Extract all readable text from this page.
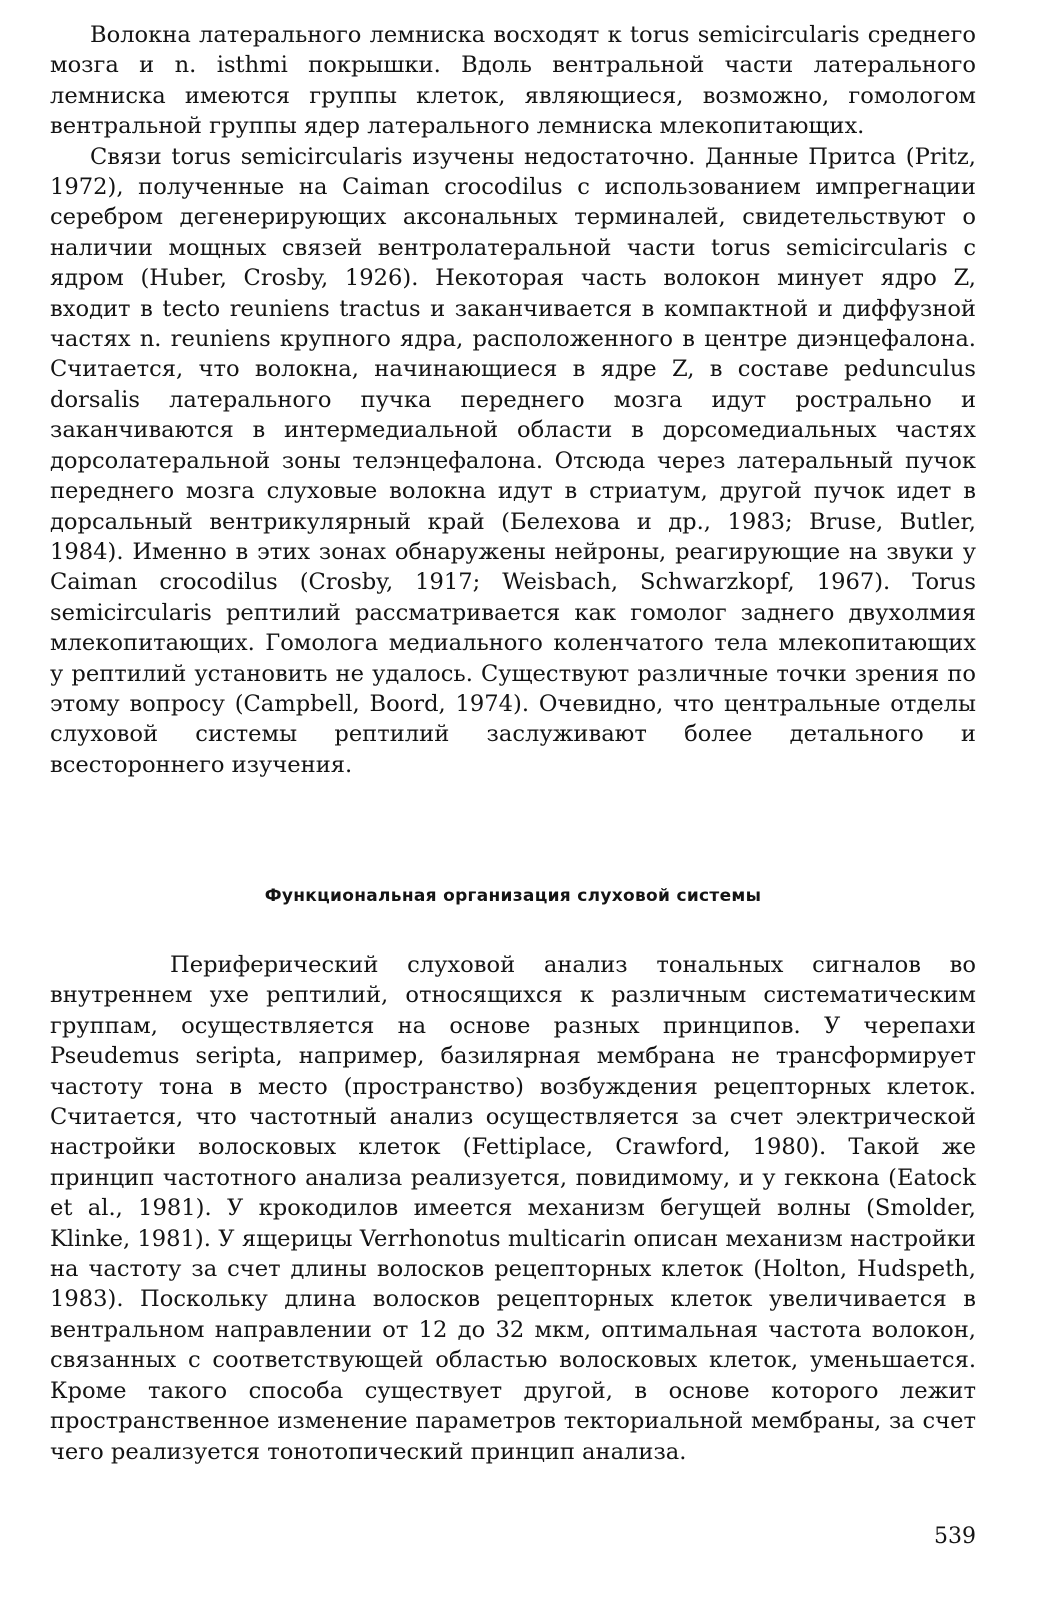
Волокна латерального лемниска восходят к torus semicircularis среднего мозга и n. isthmi покрышки. Вдоль вентральной части латерального лемниска имеются группы клеток, являющиеся, возможно, гомологом вентральной группы ядер латерального лемниска млекопитающих.

Связи torus semicircularis изучены недостаточно. Данные Притса (Pritz, 1972), полученные на Caiman crocodilus с использованием импрегнации серебром дегенерирующих аксональных терминалей, свидетельствуют о наличии мощных связей вентролатеральной части torus semicircularis с ядром (Huber, Crosby, 1926). Некоторая часть волокон минует ядро Z, входит в tecto reuniens tractus и заканчивается в компактной и диффузной частях n. reuniens крупного ядра, расположенного в центре диэнцефалона. Считается, что волокна, начинающиеся в ядре Z, в составе pedunculus dorsalis латерального пучка переднего мозга идут рострально и заканчиваются в интермедиальной области в дорсомедиальных частях дорсолатеральной зоны телэнцефалона. Отсюда через латеральный пучок переднего мозга слуховые волокна идут в стриатум, другой пучок идет в дорсальный вентрикулярный край (Белехова и др., 1983; Bruse, Butler, 1984). Именно в этих зонах обнаружены нейроны, реагирующие на звуки у Caiman crocodilus (Crosby, 1917; Weisbach, Schwarzkopf, 1967). Torus semicircularis рептилий рассматривается как гомолог заднего двухолмия млекопитающих. Гомолога медиального коленчатого тела млекопитающих у рептилий установить не удалось. Существуют различные точки зрения по этому вопросу (Campbell, Boord, 1974). Очевидно, что центральные отделы слуховой системы рептилий заслуживают более детального и всестороннего изучения.

Функциональная организация слуховой системы

Периферический слуховой анализ тональных сигналов во внутреннем ухе рептилий, относящихся к различным систематическим группам, осуществляется на основе разных принципов. У черепахи Pseudemus seripta, например, базилярная мембрана не трансформирует частоту тона в место (пространство) возбуждения рецепторных клеток. Считается, что частотный анализ осуществляется за счет электрической настройки волосковых клеток (Fettiplace, Crawford, 1980). Такой же принцип частотного анализа реализуется, повидимому, и у геккона (Eatock et al., 1981). У крокодилов имеется механизм бегущей волны (Smolder, Klinke, 1981). У ящерицы Verrhonotus multicarin описан механизм настройки на частоту за счет длины волосков рецепторных клеток (Holton, Hudspeth, 1983). Поскольку длина волосков рецепторных клеток увеличивается в вентральном направлении от 12 до 32 мкм, оптимальная частота волокон, связанных с соответствующей областью волосковых клеток, уменьшается. Кроме такого способа существует другой, в основе которого лежит пространственное изменение параметров текториальной мембраны, за счет чего реализуется тонотопический принцип анализа.

539
